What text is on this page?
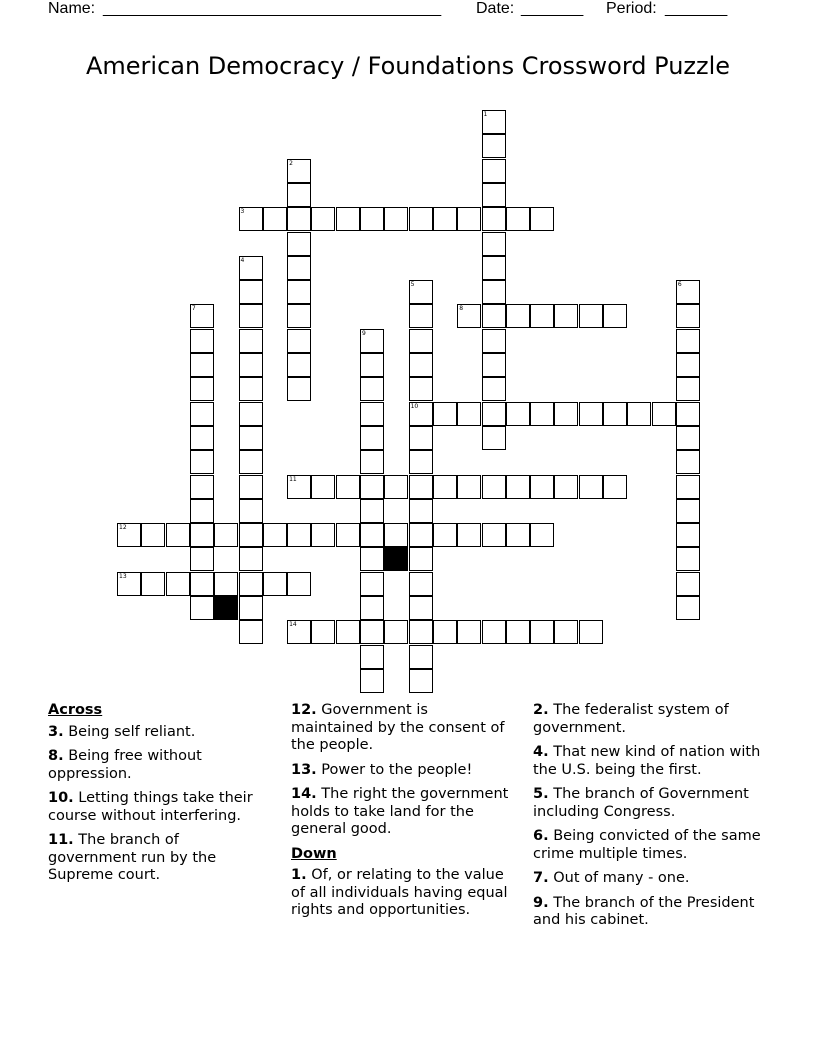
Name: ______________________________________ Date: _______ Period: _______
American Democracy / Foundations Crossword Puzzle
1
2
3
4
5
10
6
7	8
9
11
12
13
14
Across
3. Being self reliant.
8. Being free without oppression.
10. Letting things take their course without interfering.
11. The branch of government run by the Supreme court.
12. Government is maintained by the consent of the people.
13. Power to the people!
14. The right the government holds to take land for the general good.
Down
1. Of, or relating to the value of all individuals having equal rights and opportunities.
2. The federalist system of government.
4. That new kind of nation with the U.S. being the first.
5. The branch of Government including Congress.
6. Being convicted of the same crime multiple times.
7. Out of many - one.
9. The branch of the President and his cabinet.
